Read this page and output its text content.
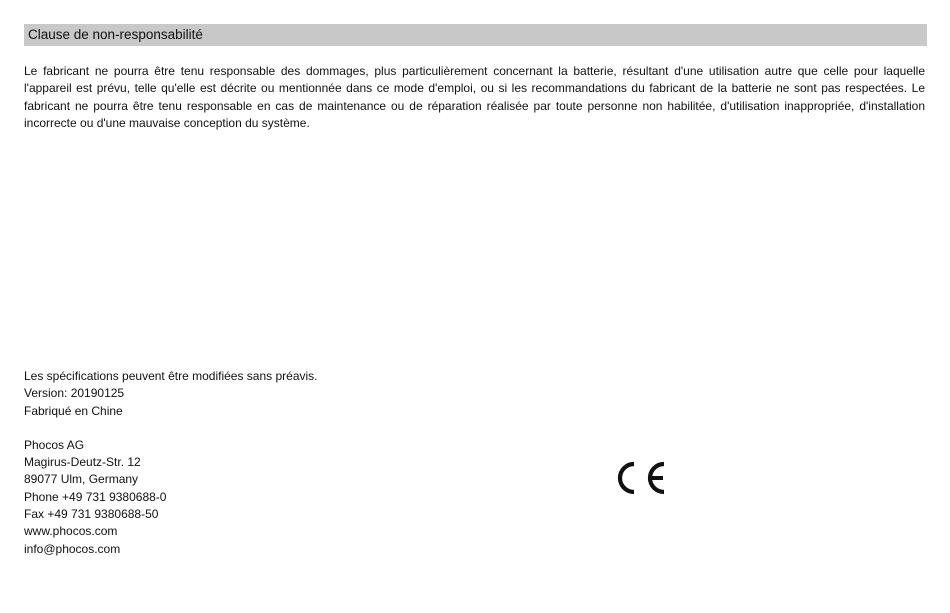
Clause de non-responsabilité

Le fabricant ne pourra être tenu responsable des dommages, plus particulièrement concernant la batterie, résultant d'une utilisation autre que celle pour laquelle l'appareil est prévu, telle qu'elle est décrite ou mentionnée dans ce mode d'emploi, ou si les recommandations du fabricant de la batterie ne sont pas respectées. Le fabricant ne pourra être tenu responsable en cas de maintenance ou de réparation réalisée par toute personne non habilitée, d'utilisation inappropriée, d'installation incorrecte ou d'une mauvaise conception du système.

Les spécifications peuvent être modifiées sans préavis.
Version: 20190125
Fabriqué en Chine
Phocos AG
Magirus-Deutz-Str. 12
89077 Ulm, Germany
Phone +49 731 9380688-0
Fax +49 731 9380688-50
www.phocos.com
info@phocos.com
